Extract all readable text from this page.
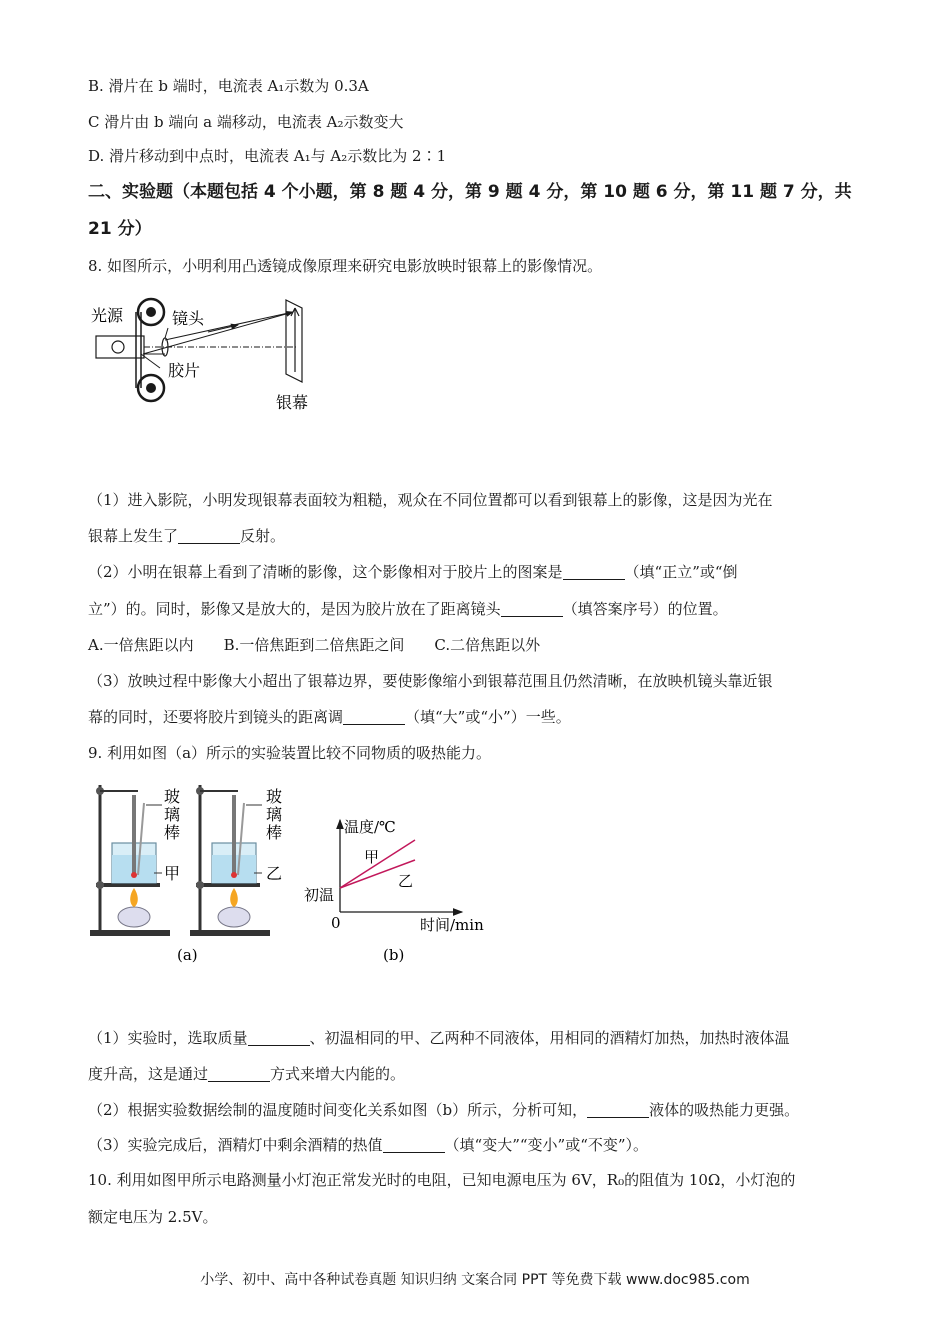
B. 滑片在 b 端时，电流表 A₁示数为 0.3A
C 滑片由 b 端向 a 端移动，电流表 A₂示数变大
D. 滑片移动到中点时，电流表 A₁与 A₂示数比为 2∶1
二、实验题（本题包括 4 个小题，第 8 题 4 分，第 9 题 4 分，第 10 题 6 分，第 11 题 7 分，共
21 分）
8. 如图所示，小明利用凸透镜成像原理来研究电影放映时银幕上的影像情况。
光源	镜头
胶片
银幕
（1）进入影院，小明发现银幕表面较为粗糙，观众在不同位置都可以看到银幕上的影像，这是因为光在
银幕上发生了	反射。
（2）小明在银幕上看到了清晰的影像，这个影像相对于胶片上的图案是	（填“正立”或“倒
立”）的。同时，影像又是放大的，是因为胶片放在了距离镜头	（填答案序号）的位置。
A.一倍焦距以内 B.一倍焦距到二倍焦距之间 C.二倍焦距以外
（3）放映过程中影像大小超出了银幕边界，要使影像缩小到银幕范围且仍然清晰，在放映机镜头靠近银
幕的同时，还要将胶片到镜头的距离调	（填“大”或“小”）一些。
9. 利用如图（a）所示的实验装置比较不同物质的吸热能力。
玻
璃
棒
甲
玻
璃
棒
乙
(a)
温度/℃
甲
乙
初温
0	时间/min
(b)
（1）实验时，选取质量	、初温相同的甲、乙两种不同液体，用相同的酒精灯加热，加热时液体温
度升高，这是通过	方式来增大内能的。
（2）根据实验数据绘制的温度随时间变化关系如图（b）所示，分析可知，	液体的吸热能力更强。
（3）实验完成后，酒精灯中剩余酒精的热值	（填“变大”“变小”或“不变”）。
10. 利用如图甲所示电路测量小灯泡正常发光时的电阻，已知电源电压为 6V，R₀的阻值为 10Ω，小灯泡的
额定电压为 2.5V。
小学、初中、高中各种试卷真题 知识归纳 文案合同 PPT 等免费下载 www.doc985.com
